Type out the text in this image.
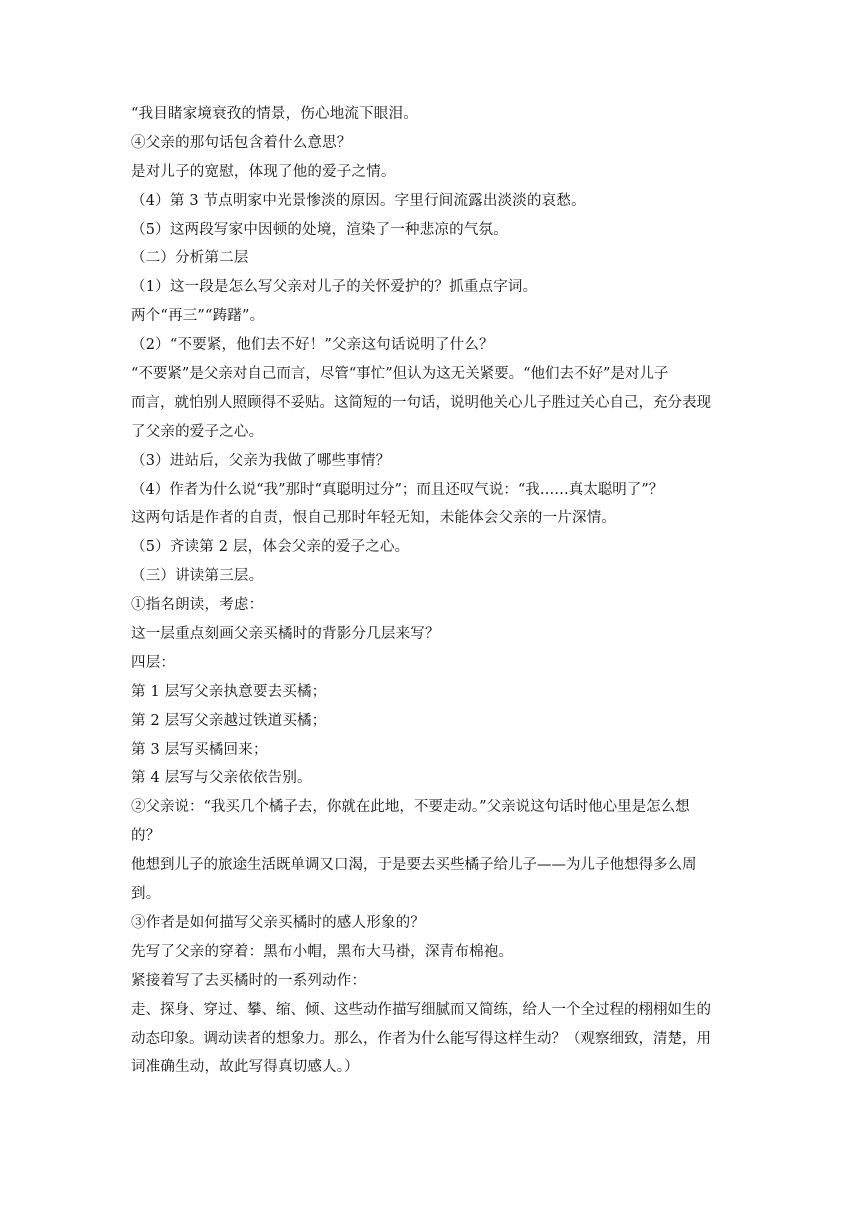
“我目睹家境衰孜的情景，伤心地流下眼泪。
④父亲的那句话包含着什么意思？
是对儿子的宽慰，体现了他的爱子之情。
（4）第 3 节点明家中光景惨淡的原因。字里行间流露出淡淡的哀愁。
（5）这两段写家中因顿的处境，渲染了一种悲凉的气氛。
（二）分析第二层
（1）这一段是怎么写父亲对儿子的关怀爱护的？抓重点字词。
两个“再三”“踌躇”。
（2）“不要紧，他们去不好！”父亲这句话说明了什么？
“不要紧”是父亲对自己而言，尽管“事忙”但认为这无关紧要。“他们去不好”是对儿子
而言，就怕别人照顾得不妥贴。这简短的一句话，说明他关心儿子胜过关心自己，充分表现
了父亲的爱子之心。
（3）进站后，父亲为我做了哪些事情？
（4）作者为什么说“我”那时“真聪明过分”；而且还叹气说：“我……真太聪明了”？
这两句话是作者的自责，恨自己那时年轻无知，未能体会父亲的一片深情。
（5）齐读第 2 层，体会父亲的爱子之心。
（三）讲读第三层。
①指名朗读，考虑：
这一层重点刻画父亲买橘时的背影分几层来写？
四层：
第 1 层写父亲执意要去买橘；
第 2 层写父亲越过铁道买橘；
第 3 层写买橘回来；
第 4 层写与父亲依依告别。
②父亲说：“我买几个橘子去，你就在此地，不要走动。”父亲说这句话时他心里是怎么想
的？
他想到儿子的旅途生活既单调又口渴，于是要去买些橘子给儿子——为儿子他想得多么周
到。
③作者是如何描写父亲买橘时的感人形象的？
先写了父亲的穿着：黑布小帽，黑布大马褂，深青布棉袍。
紧接着写了去买橘时的一系列动作：
走、探身、穿过、攀、缩、倾、这些动作描写细腻而又简练，给人一个全过程的栩栩如生的
动态印象。调动读者的想象力。那么，作者为什么能写得这样生动？（观察细致，清楚，用
词准确生动，故此写得真切感人。）
